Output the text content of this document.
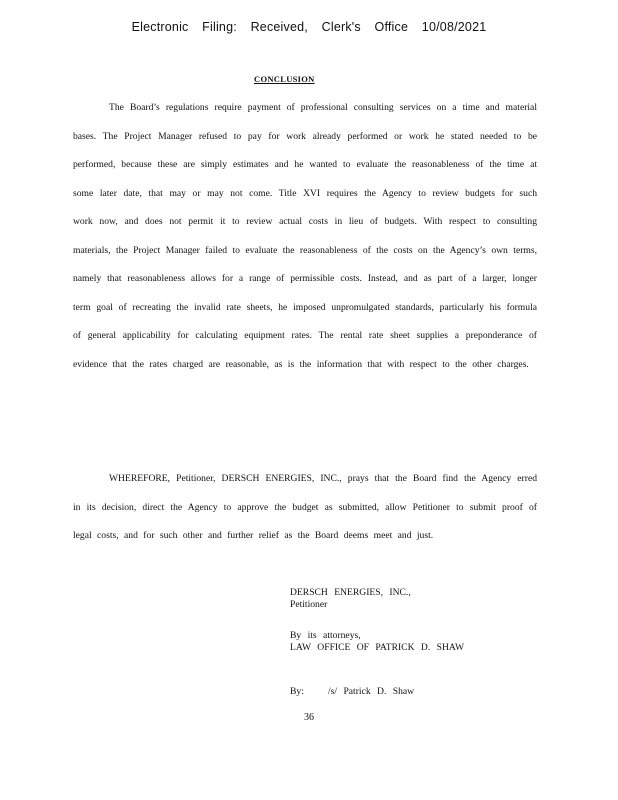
Electronic Filing: Received, Clerk's Office 10/08/2021
CONCLUSION
The Board’s regulations require payment of professional consulting services on a time and material bases. The Project Manager refused to pay for work already performed or work he stated needed to be performed, because these are simply estimates and he wanted to evaluate the reasonableness of the time at some later date, that may or may not come. Title XVI requires the Agency to review budgets for such work now, and does not permit it to review actual costs in lieu of budgets. With respect to consulting materials, the Project Manager failed to evaluate the reasonableness of the costs on the Agency’s own terms, namely that reasonableness allows for a range of permissible costs. Instead, and as part of a larger, longer term goal of recreating the invalid rate sheets, he imposed unpromulgated standards, particularly his formula of general applicability for calculating equipment rates. The rental rate sheet supplies a preponderance of evidence that the rates charged are reasonable, as is the information that with respect to the other charges.
WHEREFORE, Petitioner, DERSCH ENERGIES, INC., prays that the Board find the Agency erred in its decision, direct the Agency to approve the budget as submitted, allow Petitioner to submit proof of legal costs, and for such other and further relief as the Board deems meet and just.
DERSCH ENERGIES, INC.,
Petitioner
By its attorneys,
LAW OFFICE OF PATRICK D. SHAW
By:	/s/ Patrick D. Shaw
36
